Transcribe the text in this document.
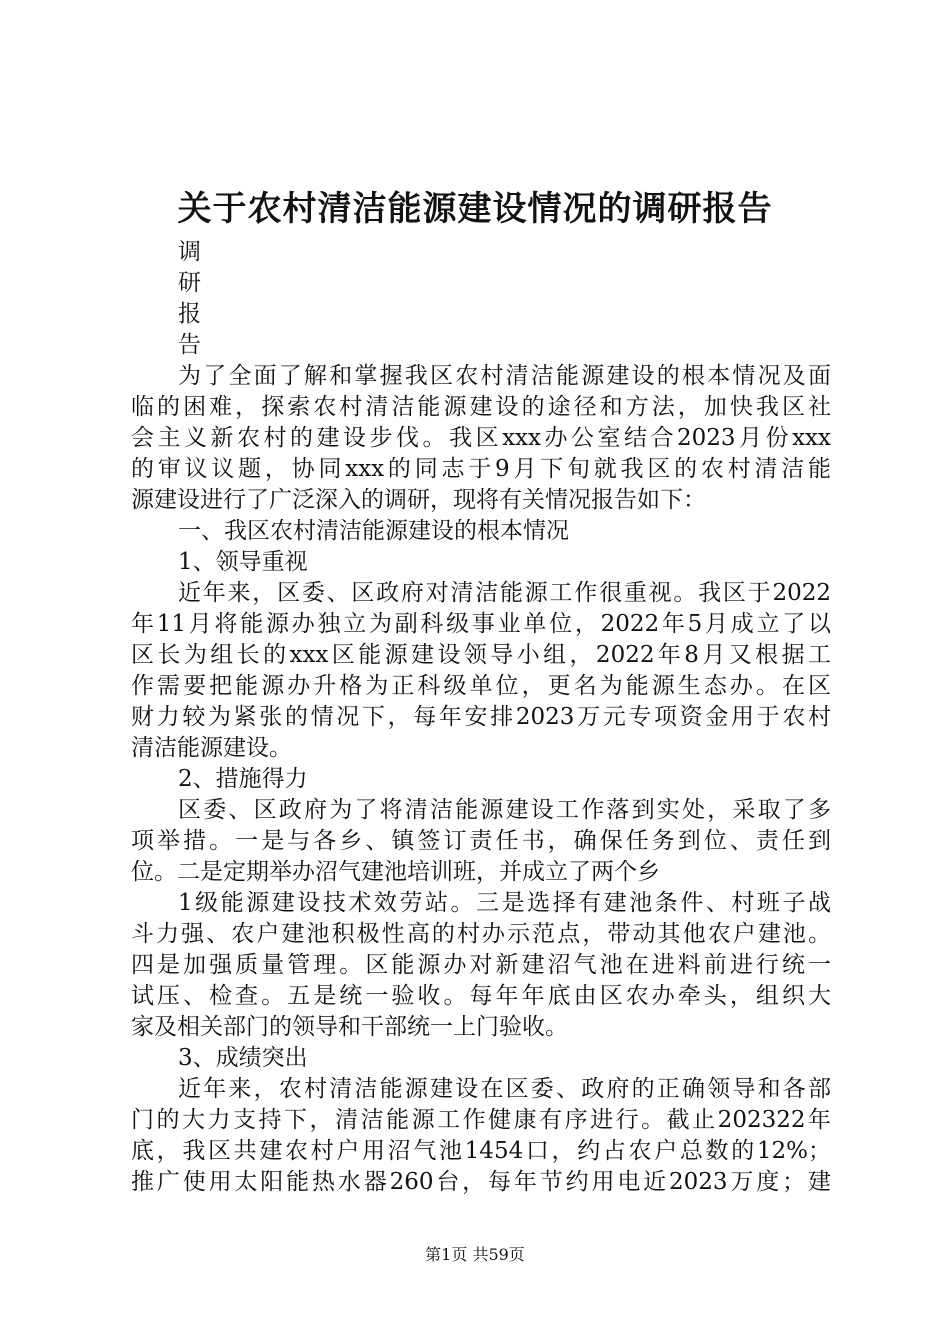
关于农村清洁能源建设情况的调研报告
调
研
报
告
为了全面了解和掌握我区农村清洁能源建设的根本情况及面
临的困难，探索农村清洁能源建设的途径和方法，加快我区社
会主义新农村的建设步伐。我区xxx办公室结合2023月份xxx
的审议议题，协同xxx的同志于9月下旬就我区的农村清洁能
源建设进行了广泛深入的调研，现将有关情况报告如下：
一、我区农村清洁能源建设的根本情况
1、领导重视
近年来，区委、区政府对清洁能源工作很重视。我区于2022
年11月将能源办独立为副科级事业单位，2022年5月成立了以
区长为组长的xxx区能源建设领导小组，2022年8月又根据工
作需要把能源办升格为正科级单位，更名为能源生态办。在区
财力较为紧张的情况下，每年安排2023万元专项资金用于农村
清洁能源建设。
2、措施得力
区委、区政府为了将清洁能源建设工作落到实处，采取了多
项举措。一是与各乡、镇签订责任书，确保任务到位、责任到
位。二是定期举办沼气建池培训班，并成立了两个乡
1级能源建设技术效劳站。三是选择有建池条件、村班子战
斗力强、农户建池积极性高的村办示范点，带动其他农户建池。
四是加强质量管理。区能源办对新建沼气池在进料前进行统一
试压、检查。五是统一验收。每年年底由区农办牵头，组织大
家及相关部门的领导和干部统一上门验收。
3、成绩突出
近年来，农村清洁能源建设在区委、政府的正确领导和各部
门的大力支持下，清洁能源工作健康有序进行。截止202322年
底，我区共建农村户用沼气池1454口，约占农户总数的12%；
推广使用太阳能热水器260台，每年节约用电近2023万度；建
第1页 共59页
